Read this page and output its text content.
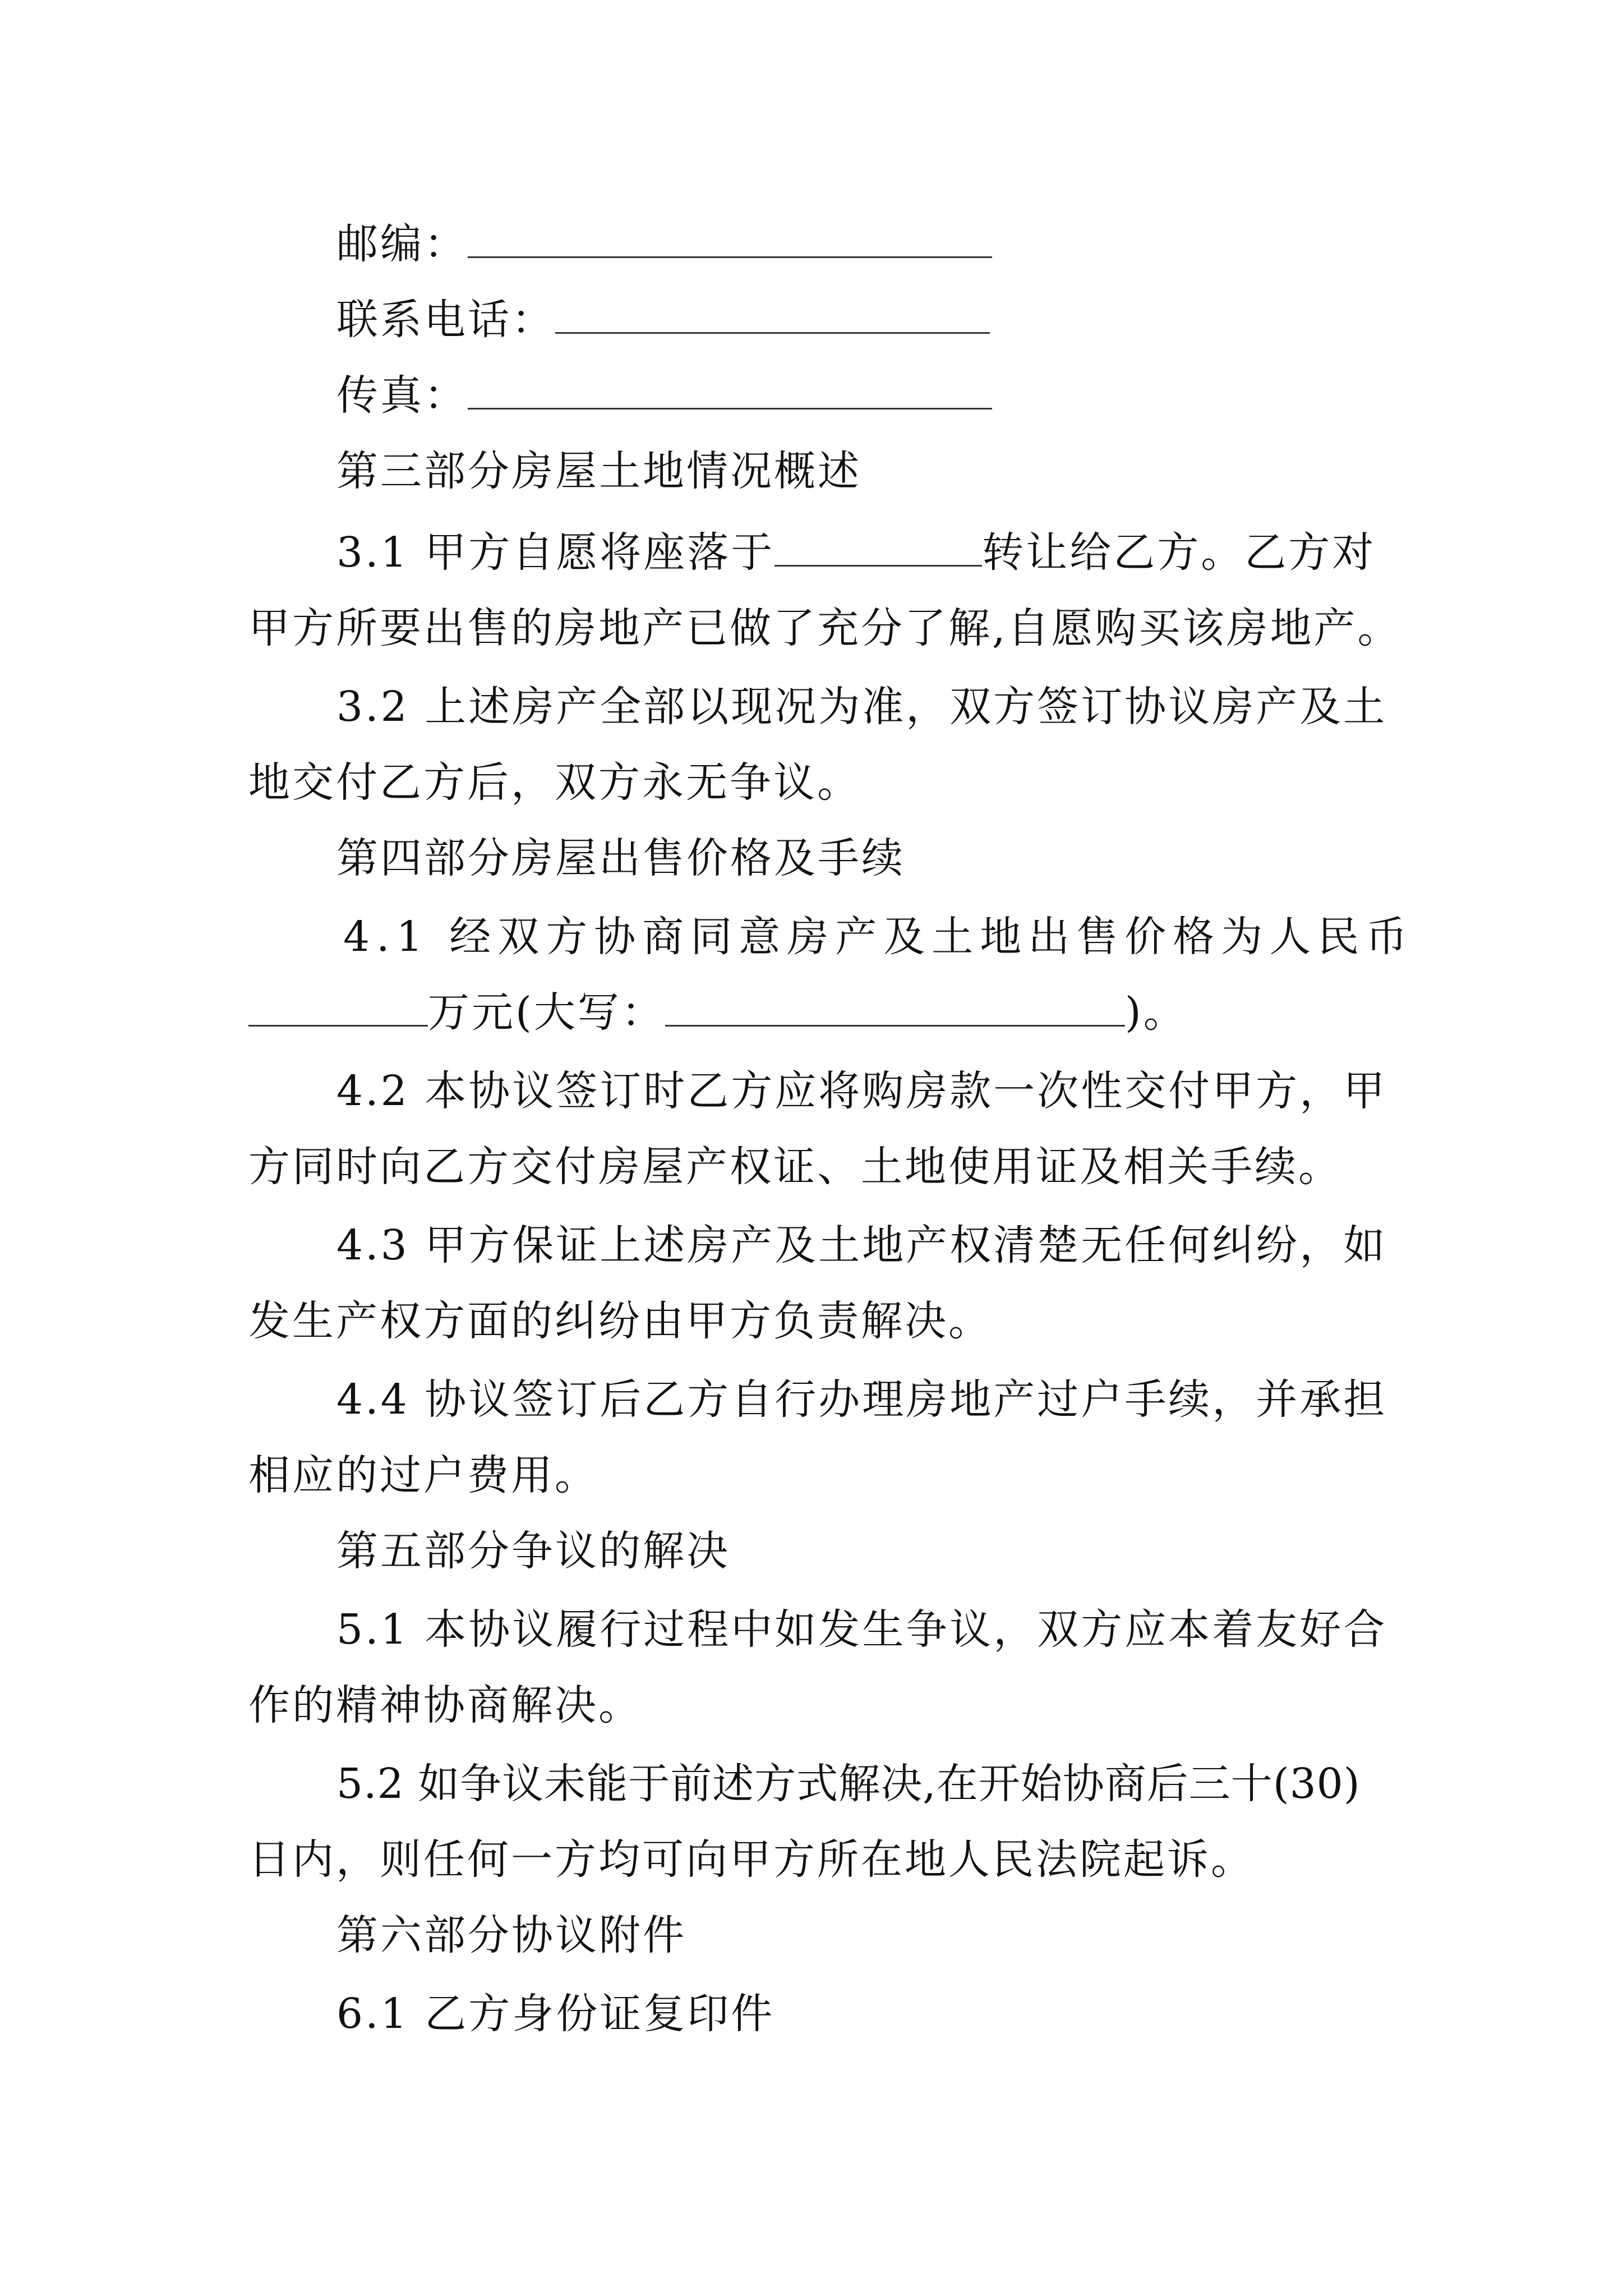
邮编：
联系电话：
传真：
第三部分房屋土地情况概述
3.1 甲方自愿将座落于	转让给乙方。乙方对
甲方所要出售的房地产已做了充分了解,自愿购买该房地产。
3.2 上述房产全部以现况为准，双方签订协议房产及土
地交付乙方后，双方永无争议。
第四部分房屋出售价格及手续
4.1 经双方协商同意房产及土地出售价格为人民币
万元(大写：	)。
4.2 本协议签订时乙方应将购房款一次性交付甲方，甲
方同时向乙方交付房屋产权证、土地使用证及相关手续。
4.3 甲方保证上述房产及土地产权清楚无任何纠纷，如
发生产权方面的纠纷由甲方负责解决。
4.4 协议签订后乙方自行办理房地产过户手续，并承担
相应的过户费用。
第五部分争议的解决
5.1 本协议履行过程中如发生争议，双方应本着友好合
作的精神协商解决。
5.2 如争议未能于前述方式解决,在开始协商后三十(30)
日内，则任何一方均可向甲方所在地人民法院起诉。
第六部分协议附件
6.1 乙方身份证复印件
